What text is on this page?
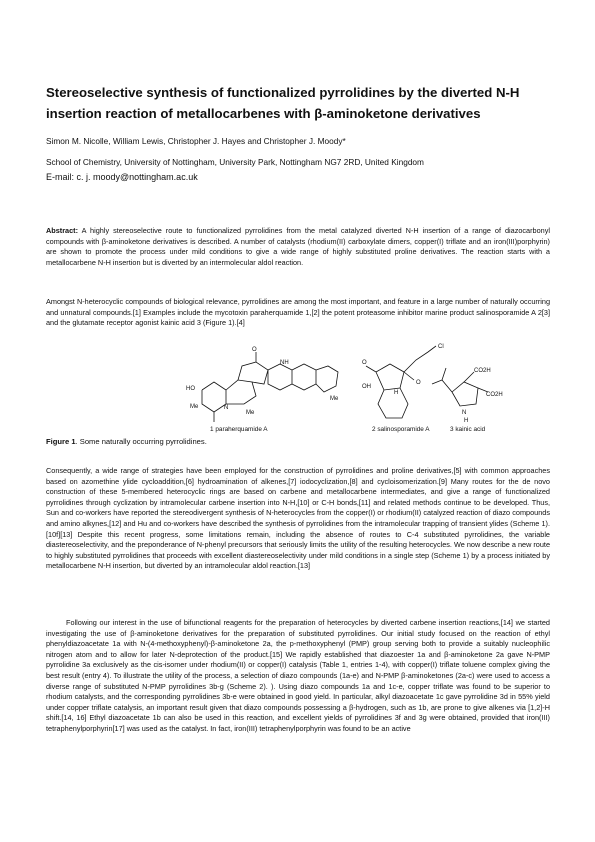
Stereoselective synthesis of functionalized pyrrolidines by the diverted N-H insertion reaction of metallocarbenes with β-aminoketone derivatives
Simon M. Nicolle, William Lewis, Christopher J. Hayes and Christopher J. Moody*
School of Chemistry, University of Nottingham, University Park, Nottingham NG7 2RD, United Kingdom
E-mail: c. j. moody@nottingham.ac.uk
Abstract: A highly stereoselective route to functionalized pyrrolidines from the metal catalyzed diverted N-H insertion of a range of diazocarbonyl compounds with β-aminoketone derivatives is described. A number of catalysts (rhodium(II) carboxylate dimers, copper(I) triflate and an iron(III)porphyrin) are shown to promote the process under mild conditions to give a wide range of highly substituted proline derivatives. The reaction starts with a metallocarbene N-H insertion but is diverted by an intermolecular aldol reaction.
Amongst N-heterocyclic compounds of biological relevance, pyrrolidines are among the most important, and feature in a large number of naturally occurring and unnatural compounds.[1] Examples include the mycotoxin paraherquamide 1,[2] the potent proteasome inhibitor marine product salinosporamide A 2[3] and the glutamate receptor agonist kainic acid 3 (Figure 1).[4]
HO
Me	N
NH
O
Me
Me
1 paraherquamide A
O
Cl
OH
H
O
2 salinosporamide A
CO2H
CO2H
N
H
3 kainic acid
Figure 1. Some naturally occurring pyrrolidines.
Consequently, a wide range of strategies have been employed for the construction of pyrrolidines and proline derivatives,[5] with common approaches based on azomethine ylide cycloaddition,[6] hydroamination of alkenes,[7] iodocyclization,[8] and cycloisomerization.[9] Many routes for the de novo construction of these 5-membered heterocyclic rings are based on carbene and metallocarbene intermediates, and give a range of functionalized pyrrolidines through cyclization by intramolecular carbene insertion into N-H,[10] or C-H bonds,[11] and related methods continue to be developed. Thus, Sun and co-workers have reported the stereodivergent synthesis of N-heterocycles from the copper(I) or rhodium(II) catalyzed reaction of diazo compounds and amino alkynes,[12] and Hu and co-workers have described the synthesis of pyrrolidines from the intramolecular trapping of transient ylides (Scheme 1).[10f][13] Despite this recent progress, some limitations remain, including the absence of routes to C-4 substituted pyrrolidines, the variable diastereoselectivity, and the preponderance of N-phenyl precursors that seriously limits the utility of the resulting heterocycles. We now describe a new route to highly substituted pyrrolidines that proceeds with excellent diastereoselectivity under mild conditions in a single step (Scheme 1) by a process initiated by metallocarbene N-H insertion, but diverted by an intramolecular aldol reaction.[13]
Following our interest in the use of bifunctional reagents for the preparation of heterocycles by diverted carbene insertion reactions,[14] we started investigating the use of β-aminoketone derivatives for the preparation of substituted pyrrolidines. Our initial study focused on the reaction of ethyl phenyldiazoacetate 1a with N-(4-methoxyphenyl)-β-aminoketone 2a, the p-methoxyphenyl (PMP) group serving both to provide a suitably nucleophilic nitrogen atom and to allow for later N-deprotection of the product.[15] We rapidly established that diazoester 1a and β-aminoketone 2a gave N-PMP pyrrolidine 3a exclusively as the cis-isomer under rhodium(II) or copper(I) catalysis (Table 1, entries 1-4), with copper(I) triflate toluene complex giving the best result (entry 4). To illustrate the utility of the process, a selection of diazo compounds (1a-e) and N-PMP β-aminoketones (2a-c) were used to access a diverse range of substituted N-PMP pyrrolidines 3b-g (Scheme 2). ). Using diazo compounds 1a and 1c-e, copper triflate was found to be superior to rhodium catalysts, and the corresponding pyrrolidines 3b-e were obtained in good yield. In particular, alkyl diazoacetate 1c gave pyrrolidine 3d in 55% yield under copper triflate catalysis, an important result given that diazo compounds possessing a β-hydrogen, such as 1b, are prone to give alkenes via [1,2]-H shift.[14, 16] Ethyl diazoacetate 1b can also be used in this reaction, and excellent yields of pyrrolidines 3f and 3g were obtained, provided that iron(III) tetraphenylporphyrin[17] was used as the catalyst. In fact, iron(III) tetraphenylporphyrin was found to be an active
